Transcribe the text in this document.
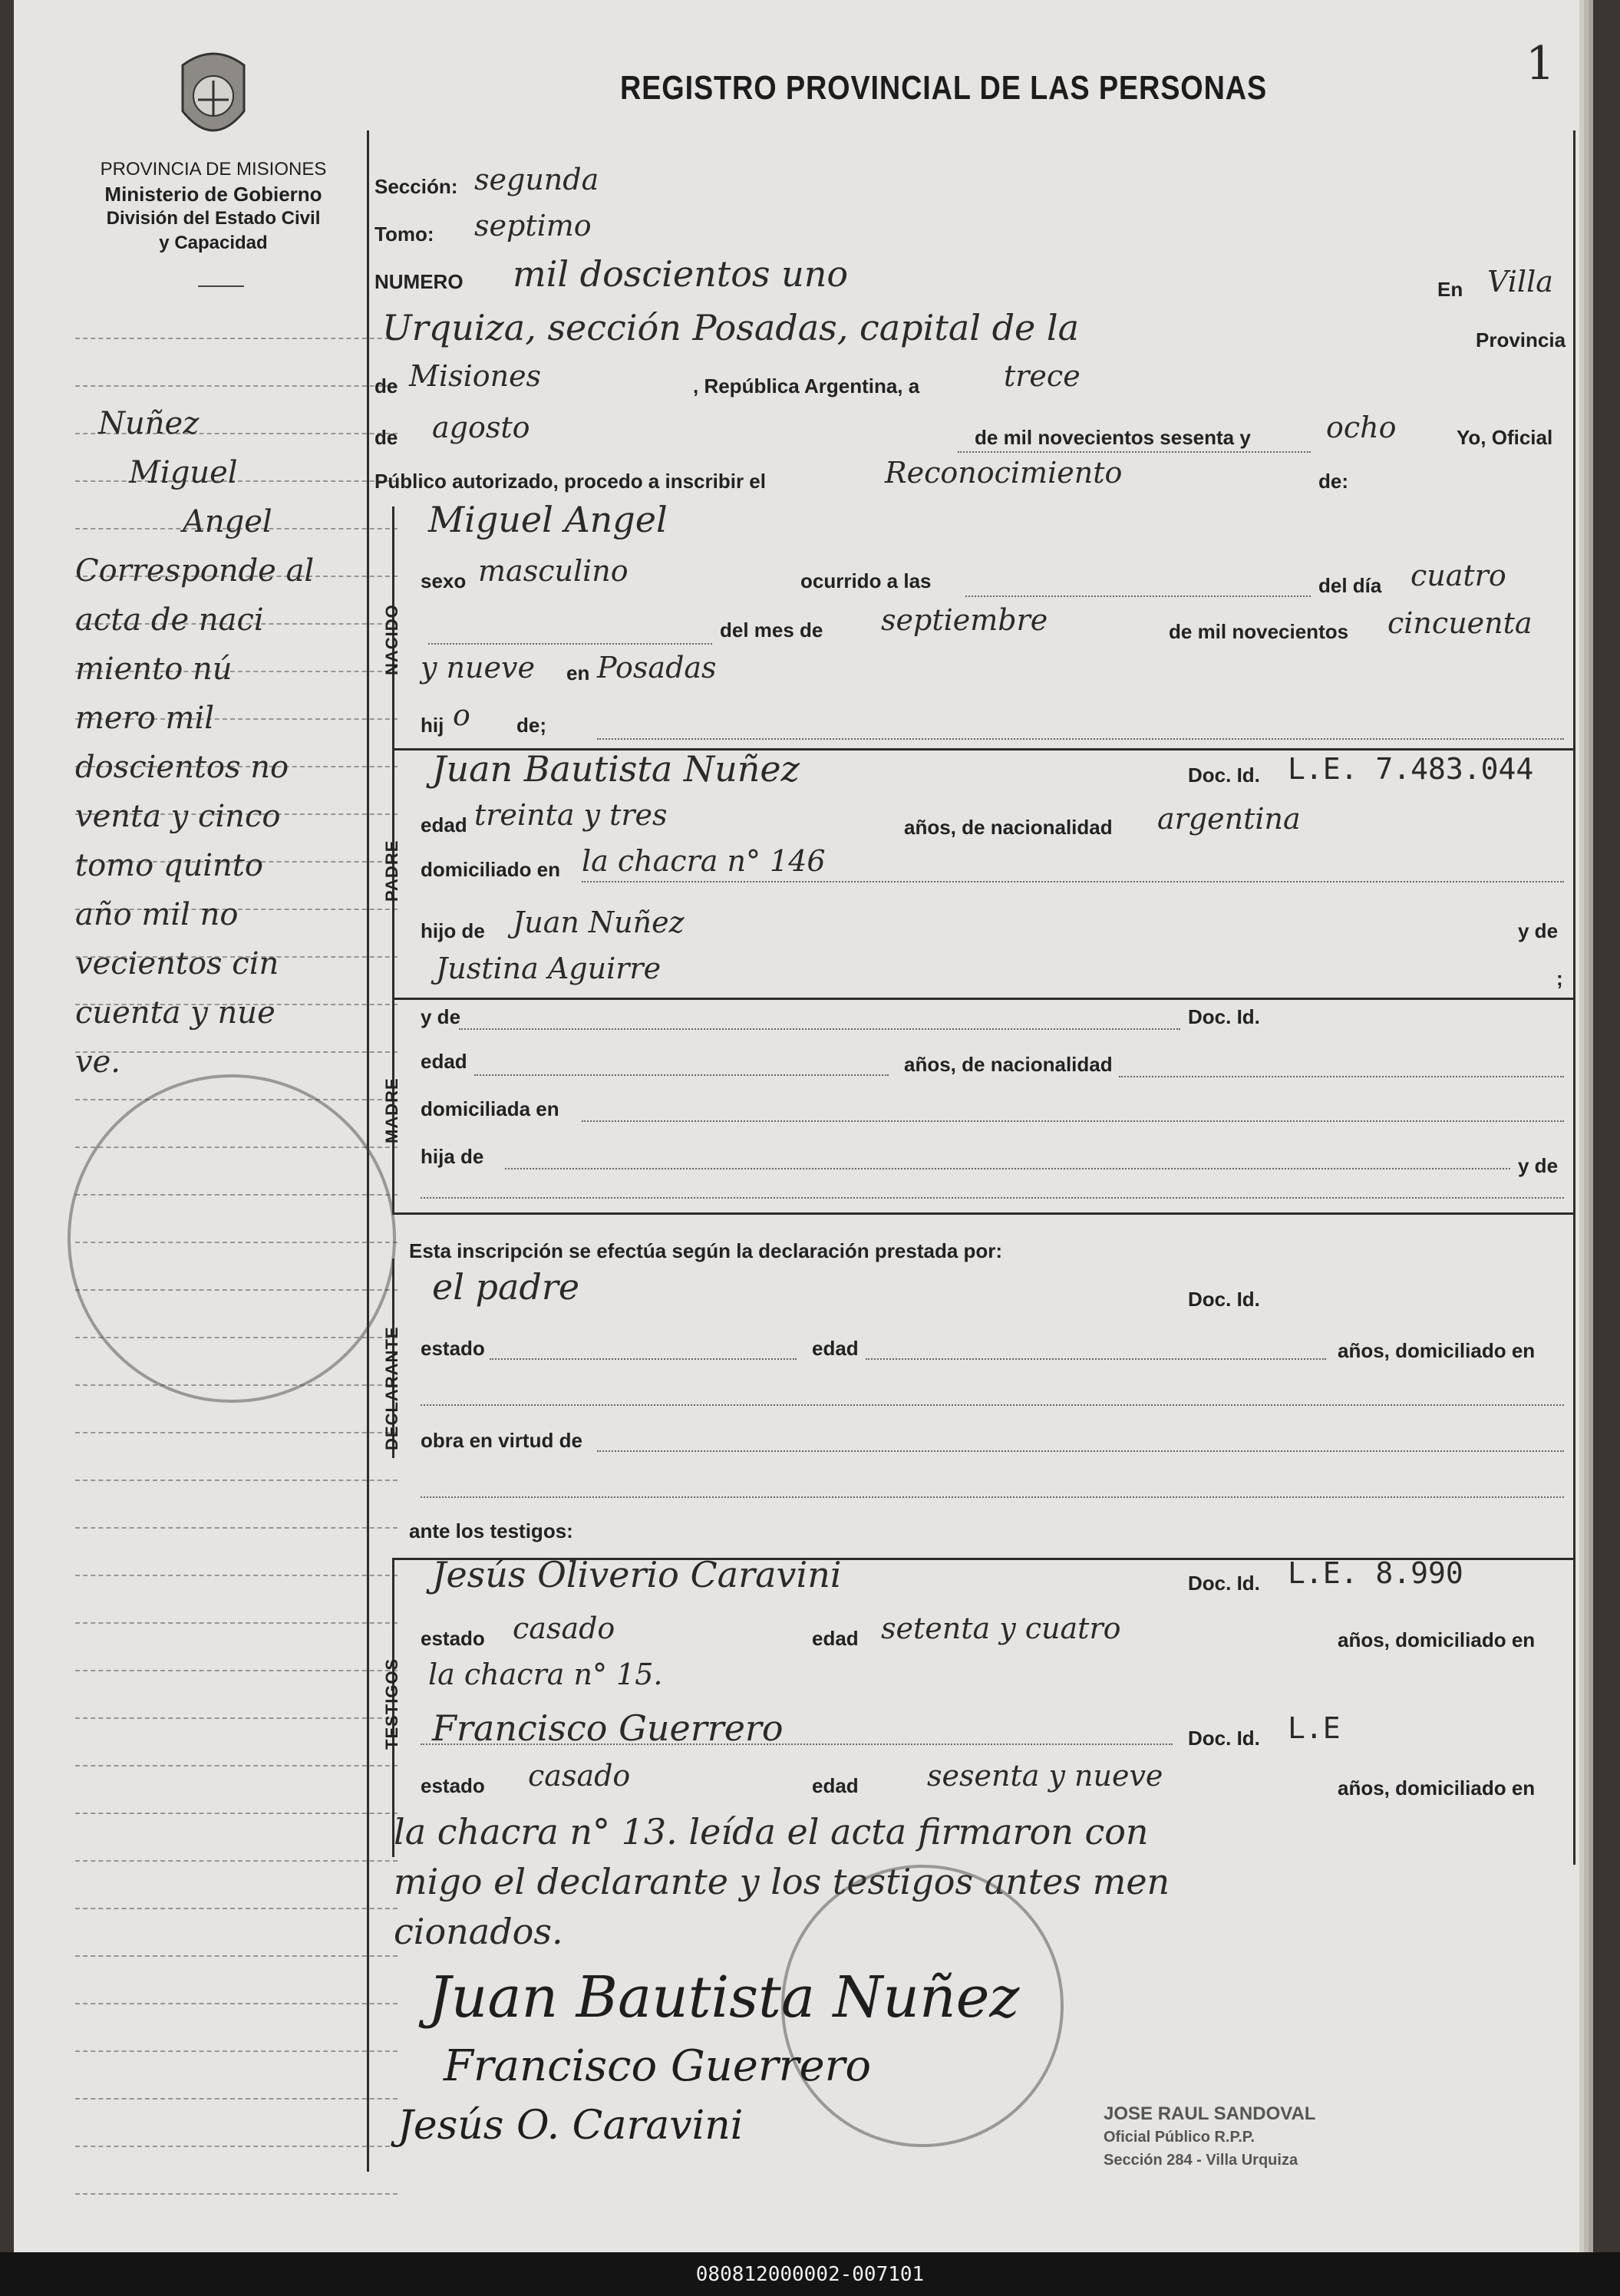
1
REGISTRO PROVINCIAL DE LAS PERSONAS
PROVINCIA DE MISIONES
Ministerio de Gobierno
División del Estado Civil
y Capacidad
Nuñez
Miguel
Angel
Corresponde al
acta de naci
miento nú
mero mil
doscientos no
venta y cinco
tomo quinto
año mil no
vecientos cin
cuenta y nue
ve.
NACIDO
PADRE
MADRE
DECLARANTE
TESTIGOS
Sección: segunda
Tomo: septimo
NUMERO mil doscientos uno	En Villa
Urquiza, sección Posadas, capital de la	Provincia
de Misiones	, República Argentina, a	trece
de agosto	de mil novecientos sesenta y	ocho	Yo, Oficial
Público autorizado, procedo a inscribir el	Reconocimiento	de:
Miguel Angel
sexo masculino	ocurrido a las	del día cuatro
del mes de septiembre	de mil novecientos cincuenta
y nueve en Posadas
hij o de;
Juan Bautista Nuñez	Doc. Id. L.E. 7.483.044
edad treinta y tres	años, de nacionalidad argentina
domiciliado en la chacra n° 146
hijo de Juan Nuñez	y de
Justina Aguirre	;
y de	Doc. Id.
edad	años, de nacionalidad
domiciliada en
hija de	y de
Esta inscripción se efectúa según la declaración prestada por:
el padre	Doc. Id.
estado	edad	años, domiciliado en
obra en virtud de
ante los testigos:
Jesús Oliverio Caravini	Doc. Id. L.E. 8.990
estado casado	edad setenta y cuatro	años, domiciliado en
la chacra n° 15.
Francisco Guerrero	Doc. Id. L.E
estado casado	edad sesenta y nueve	años, domiciliado en
la chacra n° 13. leída el acta firmaron con
migo el declarante y los testigos antes men
cionados.
Juan Bautista Nuñez
Francisco Guerrero
Jesús O. Caravini	JOSE RAUL SANDOVAL
Oficial Público R.P.P.
Sección 284 - Villa Urquiza
080812000002-007101
